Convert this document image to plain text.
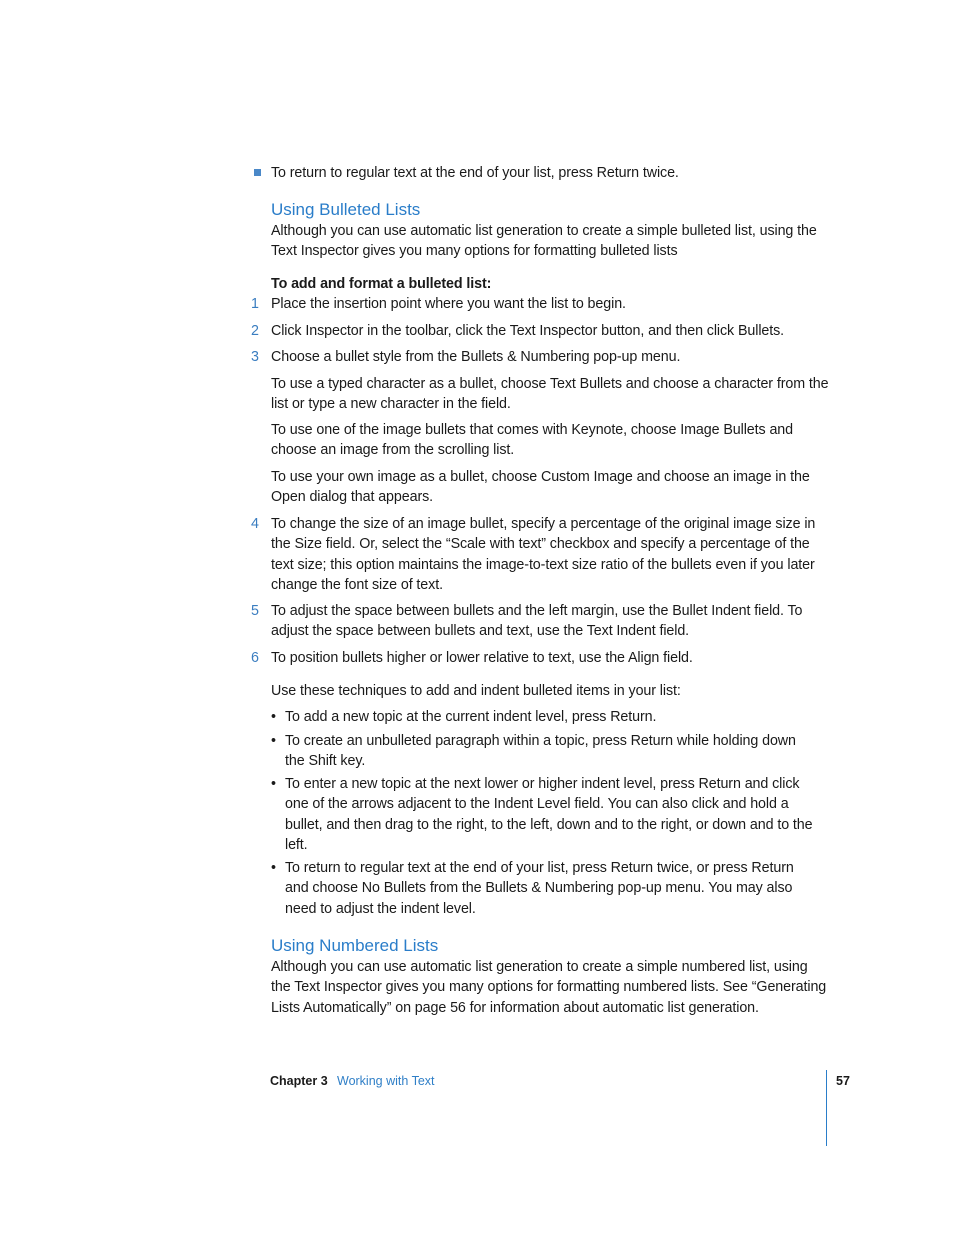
To return to regular text at the end of your list, press Return twice.
Using Bulleted Lists
Although you can use automatic list generation to create a simple bulleted list, using the Text Inspector gives you many options for formatting bulleted lists
To add and format a bulleted list:
1 Place the insertion point where you want the list to begin.
2 Click Inspector in the toolbar, click the Text Inspector button, and then click Bullets.
3 Choose a bullet style from the Bullets & Numbering pop-up menu.
To use a typed character as a bullet, choose Text Bullets and choose a character from the list or type a new character in the field.
To use one of the image bullets that comes with Keynote, choose Image Bullets and choose an image from the scrolling list.
To use your own image as a bullet, choose Custom Image and choose an image in the Open dialog that appears.
4 To change the size of an image bullet, specify a percentage of the original image size in the Size field. Or, select the “Scale with text” checkbox and specify a percentage of the text size; this option maintains the image-to-text size ratio of the bullets even if you later change the font size of text.
5 To adjust the space between bullets and the left margin, use the Bullet Indent field. To adjust the space between bullets and text, use the Text Indent field.
6 To position bullets higher or lower relative to text, use the Align field.
Use these techniques to add and indent bulleted items in your list:
• To add a new topic at the current indent level, press Return.
• To create an unbulleted paragraph within a topic, press Return while holding down the Shift key.
• To enter a new topic at the next lower or higher indent level, press Return and click one of the arrows adjacent to the Indent Level field. You can also click and hold a bullet, and then drag to the right, to the left, down and to the right, or down and to the left.
• To return to regular text at the end of your list, press Return twice, or press Return and choose No Bullets from the Bullets & Numbering pop-up menu. You may also need to adjust the indent level.
Using Numbered Lists
Although you can use automatic list generation to create a simple numbered list, using the Text Inspector gives you many options for formatting numbered lists. See “Generating Lists Automatically” on page 56 for information about automatic list generation.
Chapter 3 Working with Text	57
